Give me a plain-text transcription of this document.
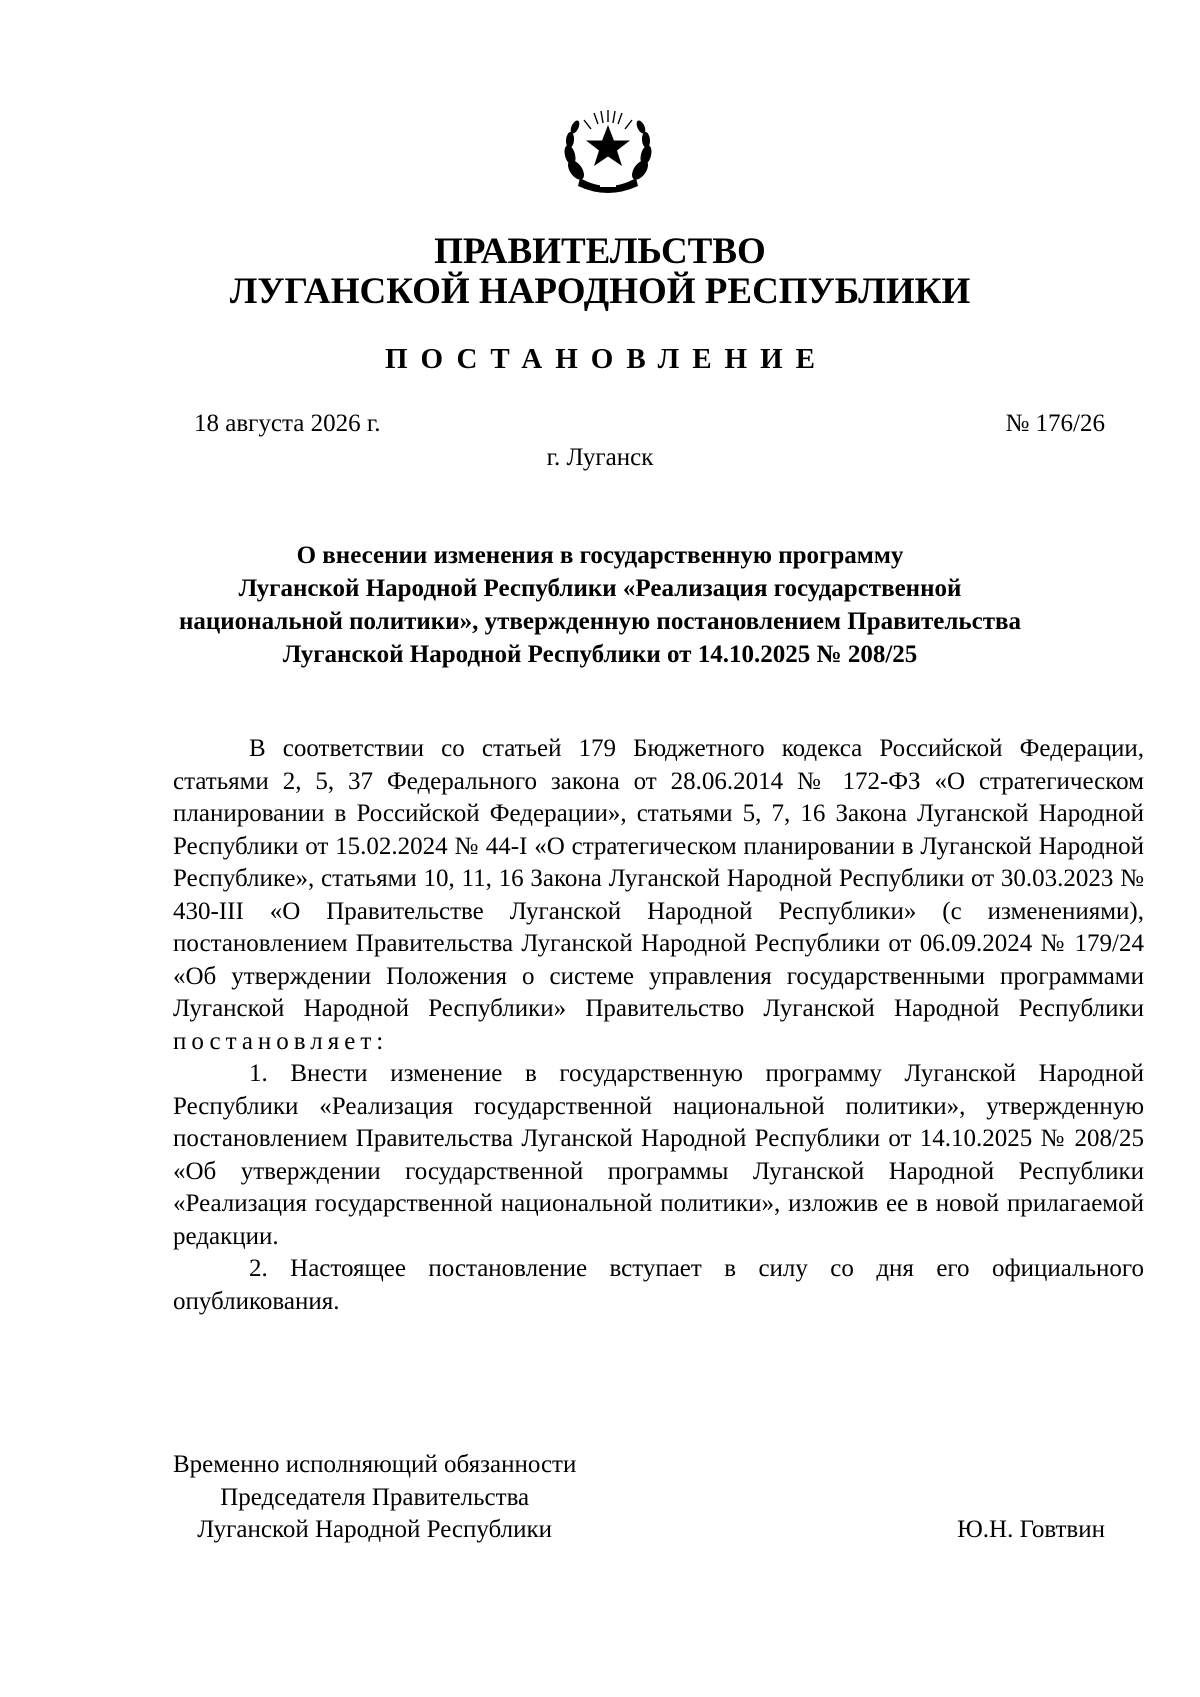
ПРАВИТЕЛЬСТВО
ЛУГАНСКОЙ НАРОДНОЙ РЕСПУБЛИКИ
ПОСТАНОВЛЕНИЕ
18 августа 2026 г.	№ 176/26
г. Луганск
О внесении изменения в государственную программу
Луганской Народной Республики «Реализация государственной
национальной политики», утвержденную постановлением Правительства
Луганской Народной Республики от 14.10.2025 № 208/25

В соответствии со статьей 179 Бюджетного кодекса Российской Федерации, статьями 2, 5, 37 Федерального закона от 28.06.2014 № 172-ФЗ «О стратегическом планировании в Российской Федерации», статьями 5, 7, 16 Закона Луганской Народной Республики от 15.02.2024 № 44-I «О стратегическом планировании в Луганской Народной Республике», статьями 10, 11, 16 Закона Луганской Народной Республики от 30.03.2023 № 430-III «О Правительстве Луганской Народной Республики» (с изменениями), постановлением Правительства Луганской Народной Республики от 06.09.2024 № 179/24 «Об утверждении Положения о системе управления государственными программами Луганской Народной Республики» Правительство Луганской Народной Республики постановляет:

1. Внести изменение в государственную программу Луганской Народной Республики «Реализация государственной национальной политики», утвержденную постановлением Правительства Луганской Народной Республики от 14.10.2025 № 208/25 «Об утверждении государственной программы Луганской Народной Республики «Реализация государственной национальной политики», изложив ее в новой прилагаемой редакции.

2. Настоящее постановление вступает в силу со дня его официального опубликования.

Временно исполняющий обязанности
Председателя Правительства
Луганской Народной Республики	Ю.Н. Говтвин
